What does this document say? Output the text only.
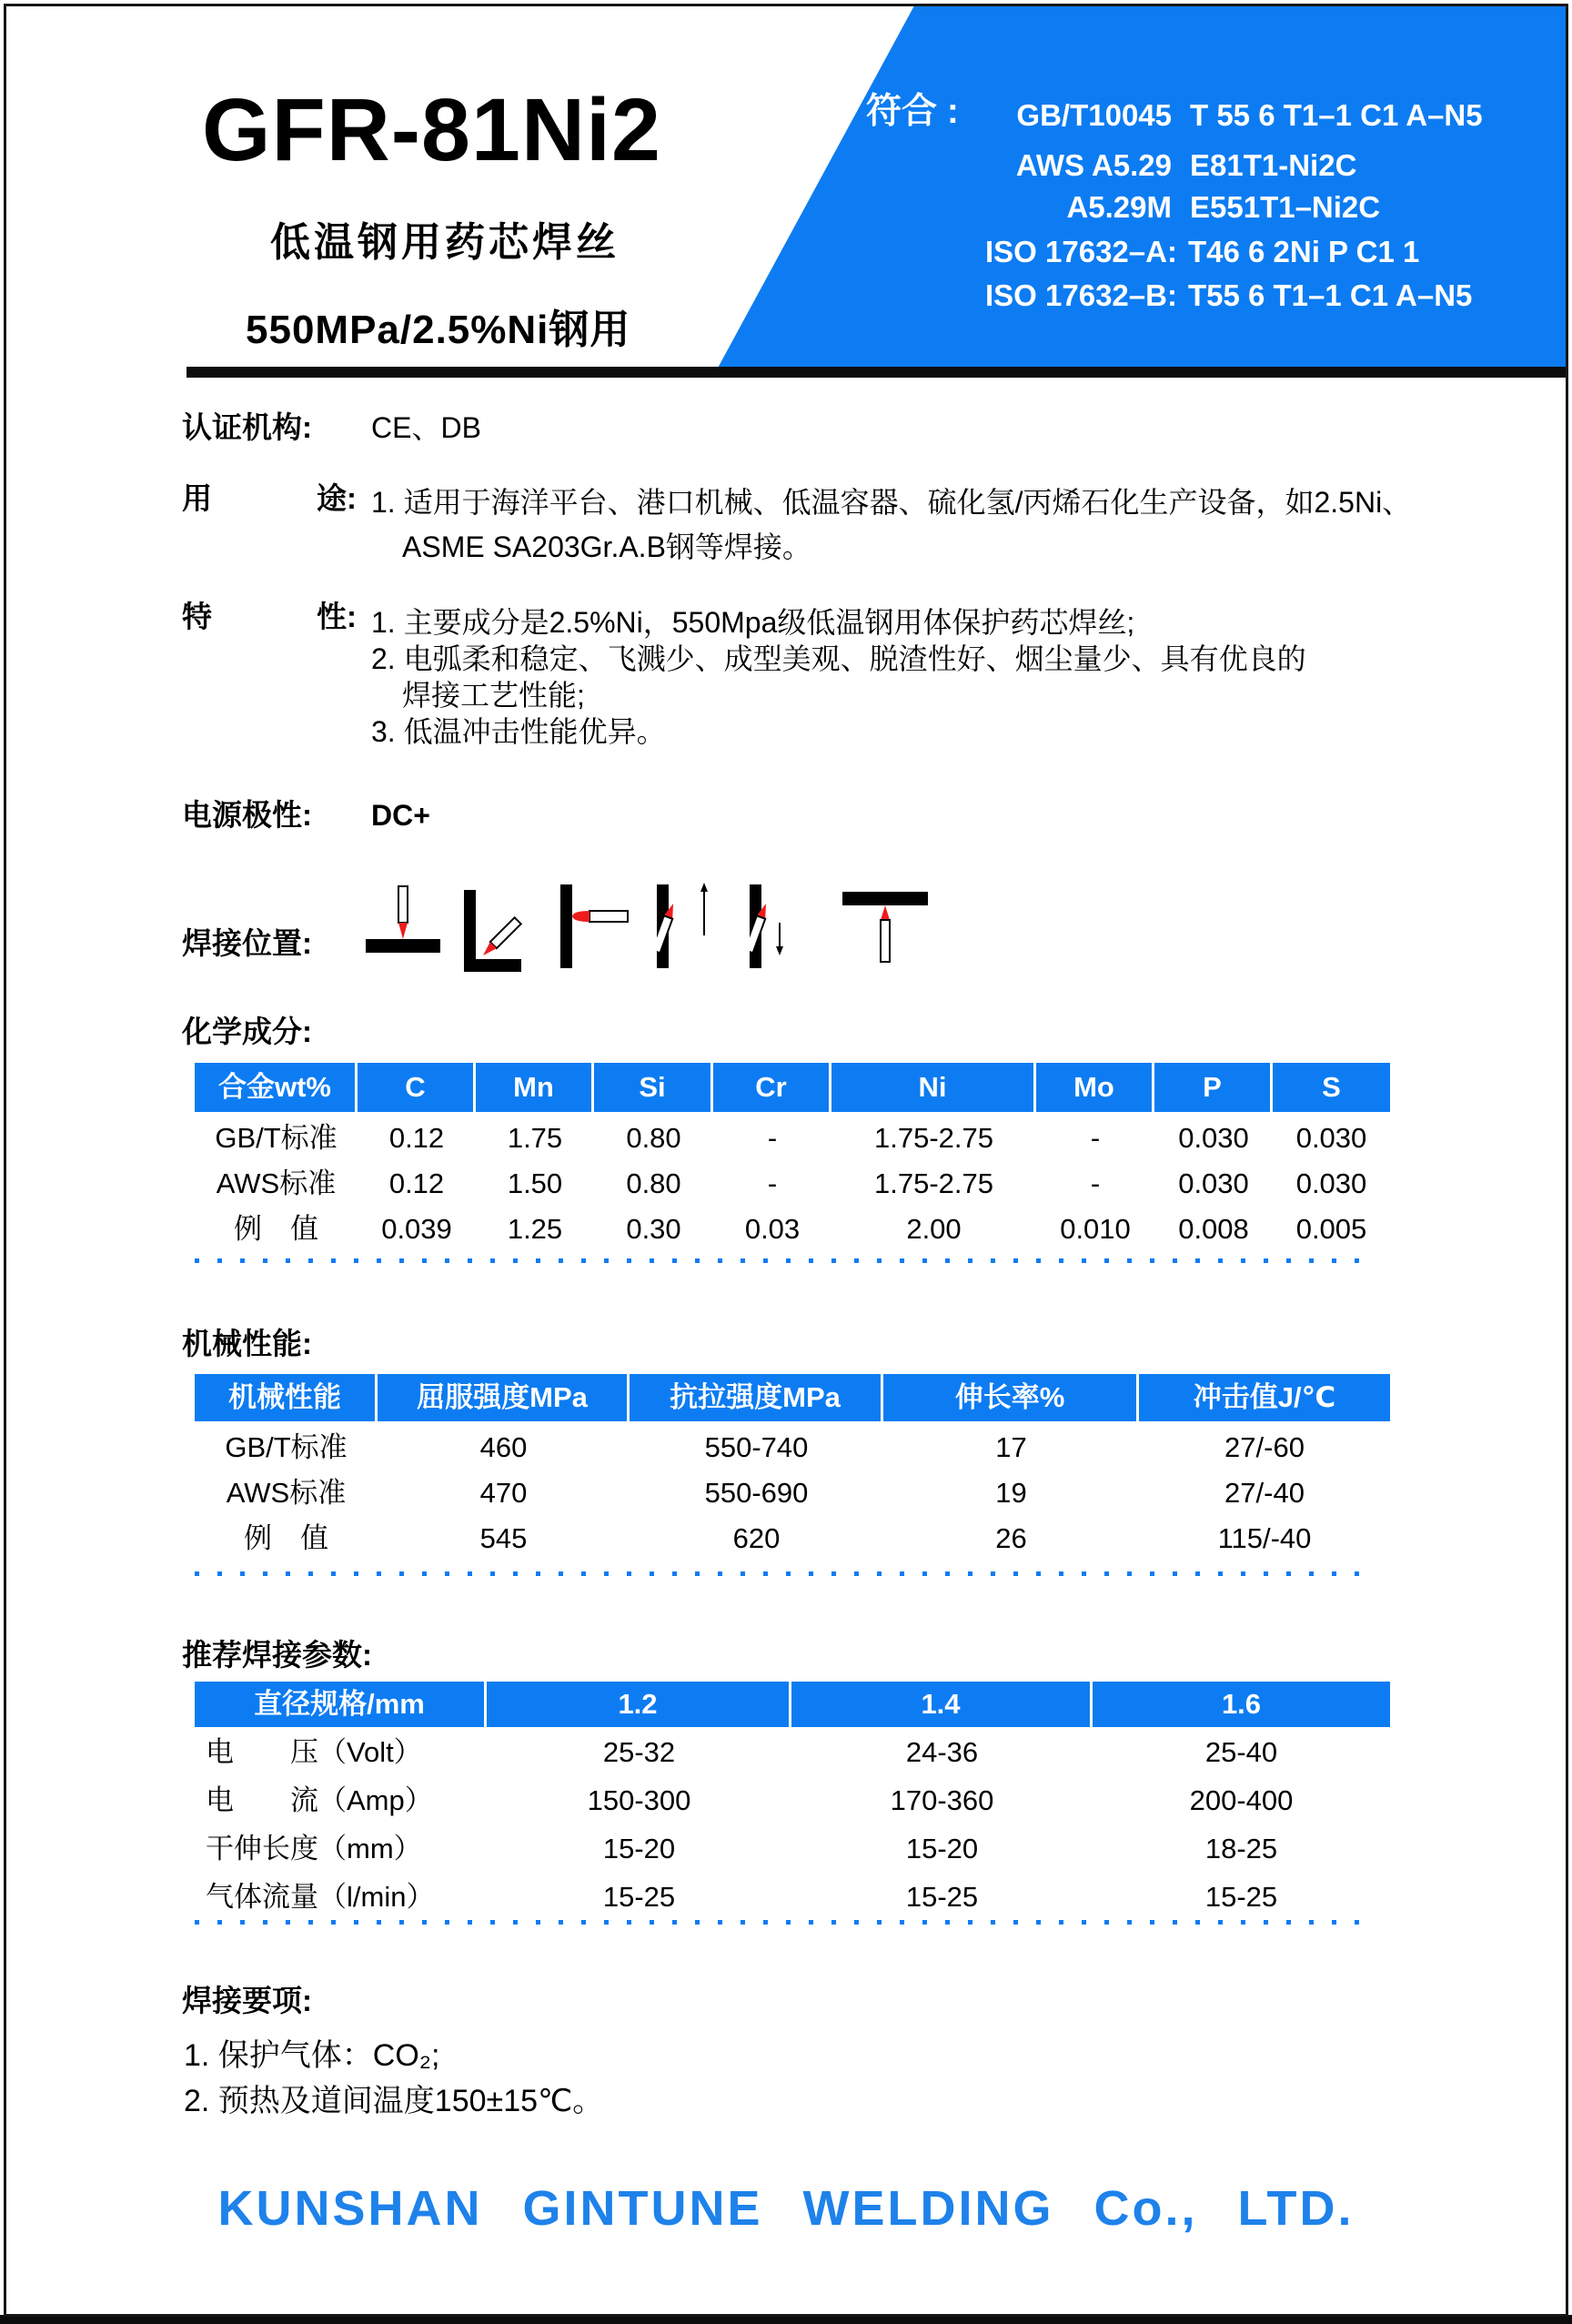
GFR-81Ni2
低温钢用药芯焊丝
550MPa/2.5%Ni钢用
符合 :	GB/T10045 T 55 6 T1–1 C1 A–N5
AWS A5.29 E81T1-Ni2C
A5.29M E551T1–Ni2C
ISO 17632–A: T46 6 2Ni P C1 1
ISO 17632–B: T55 6 T1–1 C1 A–N5
认证机构: CE、DB
用	途: 1. 适用于海洋平台、港口机械、低温容器、硫化氢/丙烯石化生产设备，如2.5Ni、
ASME SA203Gr.A.B钢等焊接。
特	性: 1. 主要成分是2.5%Ni，550Mpa级低温钢用体保护药芯焊丝;
2. 电弧柔和稳定、飞溅少、成型美观、脱渣性好、烟尘量少、具有优良的
焊接工艺性能;
3. 低温冲击性能优异。
电源极性: DC+
焊接位置:
化学成分:
合金wt%	C	Mn	Si	Cr	Ni	Mo	P	S
GB/T标准	0.12	1.75	0.80	-	1.75-2.75	-	0.030	0.030
AWS标准	0.12	1.50	0.80	-	1.75-2.75	-	0.030	0.030
例　值	0.039	1.25	0.30	0.03	2.00	0.010	0.008	0.005
机械性能:
机械性能	屈服强度MPa	抗拉强度MPa	伸长率%	冲击值J/℃
GB/T标准	460	550-740	17	27/-60
AWS标准	470	550-690	19	27/-40
例　值	545	620	26	115/-40
推荐焊接参数:
直径规格/mm	1.2	1.4	1.6
电　　压（Volt）	25-32	24-36	25-40
电　　流（Amp）	150-300	170-360	200-400
干伸长度（mm）	15-20	15-20	18-25
气体流量（l/min）	15-25	15-25	15-25
焊接要项:
1. 保护气体：CO₂;
2. 预热及道间温度150±15℃。
KUNSHAN GINTUNE WELDING Co., LTD.
